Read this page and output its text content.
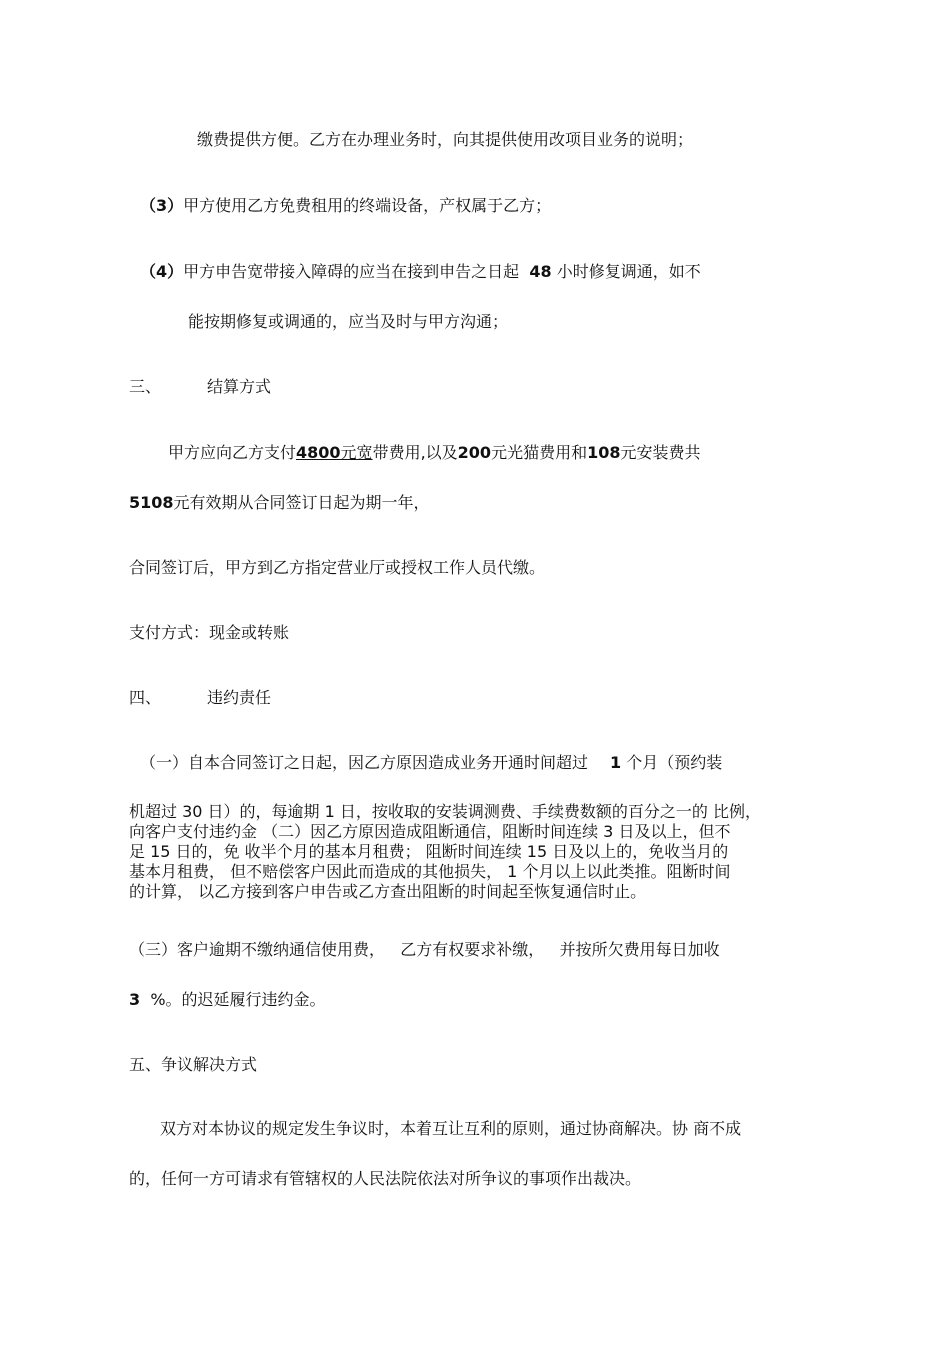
缴费提供方便。乙方在办理业务时，向其提供使用改项目业务的说明；

（3）甲方使用乙方免费租用的终端设备，产权属于乙方；

（4）甲方申告宽带接入障碍的应当在接到申告之日起 48 小时修复调通，如不

能按期修复或调通的，应当及时与甲方沟通；

三、	结算方式

甲方应向乙方支付4800元宽带费用,以及200元光猫费用和108元安装费共

5108元有效期从合同签订日起为期一年，

合同签订后，甲方到乙方指定营业厅或授权工作人员代缴。

支付方式：现金或转账

四、	违约责任

（一）自本合同签订之日起，因乙方原因造成业务开通时间超过 1 个月（预约装

机超过 30 日）的，每逾期 1 日，按收取的安装调测费、手续费数额的百分之一的 比例，
向客户支付违约金 （二）因乙方原因造成阻断通信，阻断时间连续 3 日及以上，但不
足 15 日的，免 收半个月的基本月租费； 阻断时间连续 15 日及以上的，免收当月的
基本月租费， 但不赔偿客户因此而造成的其他损失， 1 个月以上以此类推。阻断时间
的计算， 以乙方接到客户申告或乙方查出阻断的时间起至恢复通信时止。

（三）客户逾期不缴纳通信使用费， 乙方有权要求补缴， 并按所欠费用每日加收

3 %。的迟延履行违约金。

五、争议解决方式

双方对本协议的规定发生争议时，本着互让互利的原则，通过协商解决。协 商不成

的，任何一方可请求有管辖权的人民法院依法对所争议的事项作出裁决。
